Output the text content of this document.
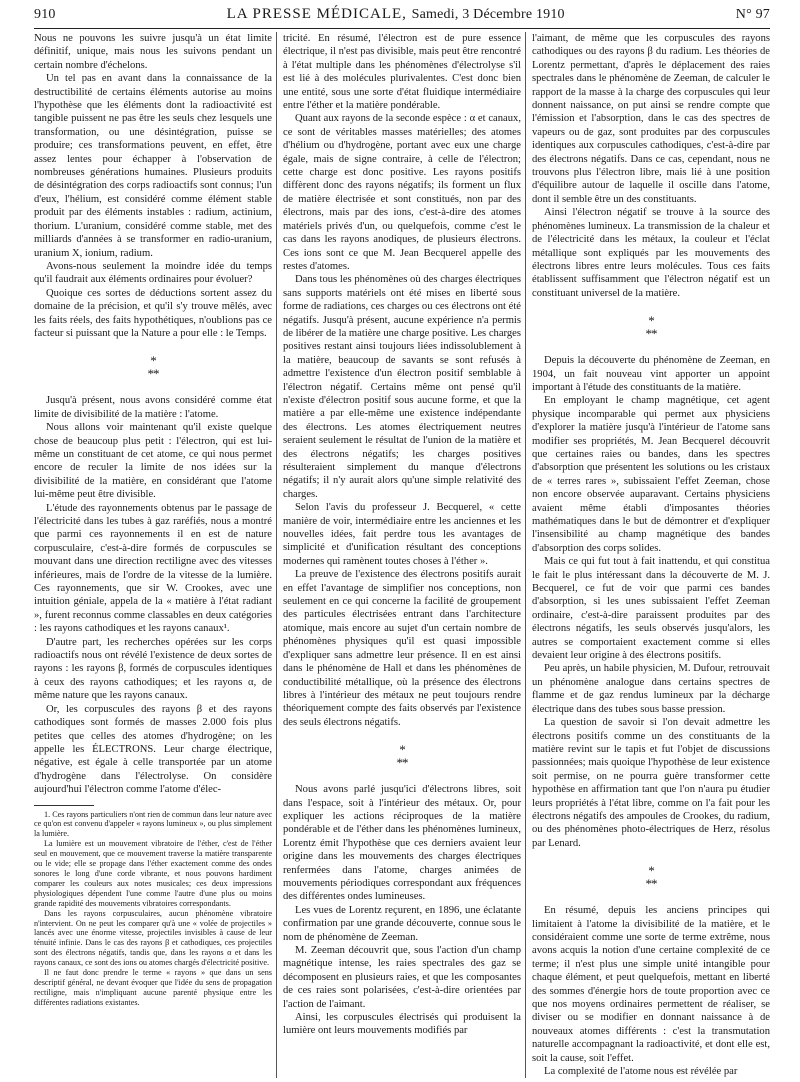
910	LA PRESSE MÉDICALE, Samedi, 3 Décembre 1910	N° 97

Nous ne pouvons les suivre jusqu'à un état limite définitif, unique, mais nous les suivons pendant un certain nombre d'échelons.

Un tel pas en avant dans la connaissance de la destructibilité de certains éléments autorise au moins l'hypothèse que les éléments dont la radioactivité est tangible puissent ne pas être les seuls chez lesquels une transformation, ou une désintégration, puisse se produire; ces transformations peuvent, en effet, être assez lentes pour échapper à l'observation de nombreuses générations humaines. Plusieurs produits de désintégration des corps radioactifs sont connus; l'un d'eux, l'hélium, est considéré comme élément stable produit par des éléments instables : radium, actinium, thorium. L'uranium, considéré comme stable, met des milliards d'années à se transformer en radio-uranium, uranium X, ionium, radium.

Avons-nous seulement la moindre idée du temps qu'il faudrait aux éléments ordinaires pour évoluer?

Quoique ces sortes de déductions sortent assez du domaine de la précision, et qu'il s'y trouve mêlés, avec les faits réels, des faits hypothétiques, n'oublions pas ce facteur si puissant que la Nature a pour elle : le Temps.

*
**

Jusqu'à présent, nous avons considéré comme état limite de divisibilité de la matière : l'atome.

Nous allons voir maintenant qu'il existe quelque chose de beaucoup plus petit : l'électron, qui est lui-même un constituant de cet atome, ce qui nous permet encore de reculer la limite de nos idées sur la divisibilité de la matière, en considérant que l'atome lui-même peut être divisible.

L'étude des rayonnements obtenus par le passage de l'électricité dans les tubes à gaz raréfiés, nous a montré que parmi ces rayonnements il en est de nature corpusculaire, c'est-à-dire formés de corpuscules se mouvant dans une direction rectiligne avec des vitesses inférieures, mais de l'ordre de la vitesse de la lumière. Ces rayonnements, que sir W. Crookes, avec une intuition géniale, appela de la « matière à l'état radiant », furent reconnus comme classables en deux catégories : les rayons cathodiques et les rayons canaux¹.

D'autre part, les recherches opérées sur les corps radioactifs nous ont révélé l'existence de deux sortes de rayons : les rayons β, formés de corpuscules identiques à ceux des rayons cathodiques; et les rayons α, de même nature que les rayons canaux.

Or, les corpuscules des rayons β et des rayons cathodiques sont formés de masses 2.000 fois plus petites que celles des atomes d'hydrogène; on les appelle les ÉLECTRONS. Leur charge électrique, négative, est égale à celle transportée par un atome d'hydrogène dans l'électrolyse. On considère aujourd'hui l'électron comme l'atome d'élec-

1. Ces rayons particuliers n'ont rien de commun dans leur nature avec ce qu'on est convenu d'appeler « rayons lumineux », ou plus simplement la lumière.

La lumière est un mouvement vibratoire de l'éther, c'est de l'éther seul en mouvement, que ce mouvement traverse la matière transparente ou le vide; elle se propage dans l'éther exactement comme des ondes sonores le long d'une corde vibrante, et nous pouvons hardiment comparer les couleurs aux notes musicales; ces deux impressions physiologiques dépendent l'une comme l'autre d'une plus ou moins grande rapidité des mouvements vibratoires correspondants.

Dans les rayons corpusculaires, aucun phénomène vibratoire n'intervient. On ne peut les comparer qu'à une « volée de projectiles » lancés avec une énorme vitesse, projectiles invisibles à cause de leur ténuité infinie. Dans le cas des rayons β et cathodiques, ces projectiles sont des électrons négatifs, tandis que, dans les rayons α et dans les rayons canaux, ce sont des ions ou atomes chargés d'électricité positive.

Il ne faut donc prendre le terme « rayons » que dans un sens descriptif général, ne devant évoquer que l'idée du sens de propagation rectiligne, mais n'impliquant aucune parenté physique entre les différentes radiations existantes.

tricité. En résumé, l'électron est de pure essence électrique, il n'est pas divisible, mais peut être rencontré à l'état multiple dans les phénomènes d'électrolyse s'il est lié à des molécules plurivalentes. C'est donc bien une entité, sous une sorte d'état fluidique intermédiaire entre l'éther et la matière pondérable.

Quant aux rayons de la seconde espèce : α et canaux, ce sont de véritables masses matérielles; des atomes d'hélium ou d'hydrogène, portant avec eux une charge égale, mais de signe contraire, à celle de l'électron; cette charge est donc positive. Les rayons positifs diffèrent donc des rayons négatifs; ils forment un flux de matière électrisée et sont constitués, non par des électrons, mais par des ions, c'est-à-dire des atomes matériels privés d'un, ou quelquefois, comme c'est le cas dans les rayons anodiques, de plusieurs électrons. Ces ions sont ce que M. Jean Becquerel appelle des restes d'atomes.

Dans tous les phénomènes où des charges électriques sans supports matériels ont été mises en liberté sous forme de radiations, ces charges ou ces électrons ont été négatifs. Jusqu'à présent, aucune expérience n'a permis de libérer de la matière une charge positive. Les charges positives restant ainsi toujours liées indissolublement à la matière, beaucoup de savants se sont refusés à admettre l'existence d'un électron positif semblable à l'électron négatif. Certains même ont pensé qu'il n'existe d'électron positif sous aucune forme, et que la matière a par elle-même une existence indépendante des électrons. Les atomes électriquement neutres seraient seulement le résultat de l'union de la matière et des électrons négatifs; les charges positives résulteraient simplement du manque d'électrons négatifs; il n'y aurait alors qu'une simple relativité des charges.

Selon l'avis du professeur J. Becquerel, « cette manière de voir, intermédiaire entre les anciennes et les nouvelles idées, fait perdre tous les avantages de simplicité et d'unification résultant des conceptions modernes qui ramènent toutes choses à l'éther ».

La preuve de l'existence des électrons positifs aurait en effet l'avantage de simplifier nos conceptions, non seulement en ce qui concerne la facilité de groupement des particules électrisées entrant dans l'architecture atomique, mais encore au sujet d'un certain nombre de phénomènes physiques qu'il est quasi impossible d'expliquer sans admettre leur présence. Il en est ainsi dans le phénomène de Hall et dans les phénomènes de conductibilité métallique, où la présence des électrons libres à l'intérieur des métaux ne peut toujours rendre théoriquement compte des faits observés par l'existence des seuls électrons négatifs.

*
**

Nous avons parlé jusqu'ici d'électrons libres, soit dans l'espace, soit à l'intérieur des métaux. Or, pour expliquer les actions réciproques de la matière pondérable et de l'éther dans les phénomènes lumineux, Lorentz émit l'hypothèse que ces derniers avaient leur origine dans les mouvements des charges électriques renfermées dans l'atome, charges animées de mouvements périodiques correspondant aux fréquences des différentes ondes lumineuses.

Les vues de Lorentz reçurent, en 1896, une éclatante confirmation par une grande découverte, connue sous le nom de phénomène de Zeeman.

M. Zeeman découvrit que, sous l'action d'un champ magnétique intense, les raies spectrales des gaz se décomposent en plusieurs raies, et que les composantes de ces raies sont polarisées, c'est-à-dire orientées par l'action de l'aimant.

Ainsi, les corpuscules électrisés qui produisent la lumière ont leurs mouvements modifiés par

l'aimant, de même que les corpuscules des rayons cathodiques ou des rayons β du radium. Les théories de Lorentz permettant, d'après le déplacement des raies spectrales dans le phénomène de Zeeman, de calculer le rapport de la masse à la charge des corpuscules qui leur donnent naissance, on put ainsi se rendre compte que l'émission et l'absorption, dans le cas des spectres de vapeurs ou de gaz, sont produites par des corpuscules identiques aux corpuscules cathodiques, c'est-à-dire par des électrons négatifs. Dans ce cas, cependant, nous ne trouvons plus l'électron libre, mais lié à une position d'équilibre autour de laquelle il oscille dans l'atome, dont il semble être un des constituants.

Ainsi l'électron négatif se trouve à la source des phénomènes lumineux. La transmission de la chaleur et de l'électricité dans les métaux, la couleur et l'éclat métallique sont expliqués par les mouvements des électrons libres entre leurs molécules. Tous ces faits établissent suffisamment que l'électron négatif est un constituant universel de la matière.

*
**

Depuis la découverte du phénomène de Zeeman, en 1904, un fait nouveau vint apporter un appoint important à l'étude des constituants de la matière.

En employant le champ magnétique, cet agent physique incomparable qui permet aux physiciens d'explorer la matière jusqu'à l'intérieur de l'atome sans modifier ses propriétés, M. Jean Becquerel découvrit que certaines raies ou bandes, dans les spectres d'absorption que présentent les solutions ou les cristaux de « terres rares », subissaient l'effet Zeeman, chose non encore observée auparavant. Certains physiciens avaient même établi d'imposantes théories mathématiques dans le but de démontrer et d'expliquer l'insensibilité au champ magnétique des bandes d'absorption des corps solides.

Mais ce qui fut tout à fait inattendu, et qui constitua le fait le plus intéressant dans la découverte de M. J. Becquerel, ce fut de voir que parmi ces bandes d'absorption, si les unes subissaient l'effet Zeeman ordinaire, c'est-à-dire paraissent produites par des électrons négatifs, les seuls observés jusqu'alors, les autres se comportaient exactement comme si elles devaient leur origine à des électrons positifs.

Peu après, un habile physicien, M. Dufour, retrouvait un phénomène analogue dans certains spectres de flamme et de gaz rendus lumineux par la décharge électrique dans des tubes sous basse pression.

La question de savoir si l'on devait admettre les électrons positifs comme un des constituants de la matière revint sur le tapis et fut l'objet de discussions passionnées; mais quoique l'hypothèse de leur existence soit permise, on ne pourra guère transformer cette hypothèse en affirmation tant que l'on n'aura pu étudier leurs propriétés à l'état libre, comme on l'a fait pour les électrons négatifs des ampoules de Crookes, du radium, ou des phénomènes photo-électriques de Herz, résolus par Lenard.

*
**

En résumé, depuis les anciens principes qui limitaient à l'atome la divisibilité de la matière, et le considéraient comme une sorte de terme extrême, nous avons acquis la notion d'une certaine complexité de ce terme; il n'est plus une simple unité intangible pour chaque élément, et peut quelquefois, mettant en liberté des sommes d'énergie hors de toute proportion avec ce que nos moyens ordinaires permettent de réaliser, se diviser ou se modifier en donnant naissance à de nouveaux atomes différents : c'est la transmutation naturelle accompagnant la radioactivité, et dont elle est, soit la cause, soit l'effet.

La complexité de l'atome nous est révélée par
